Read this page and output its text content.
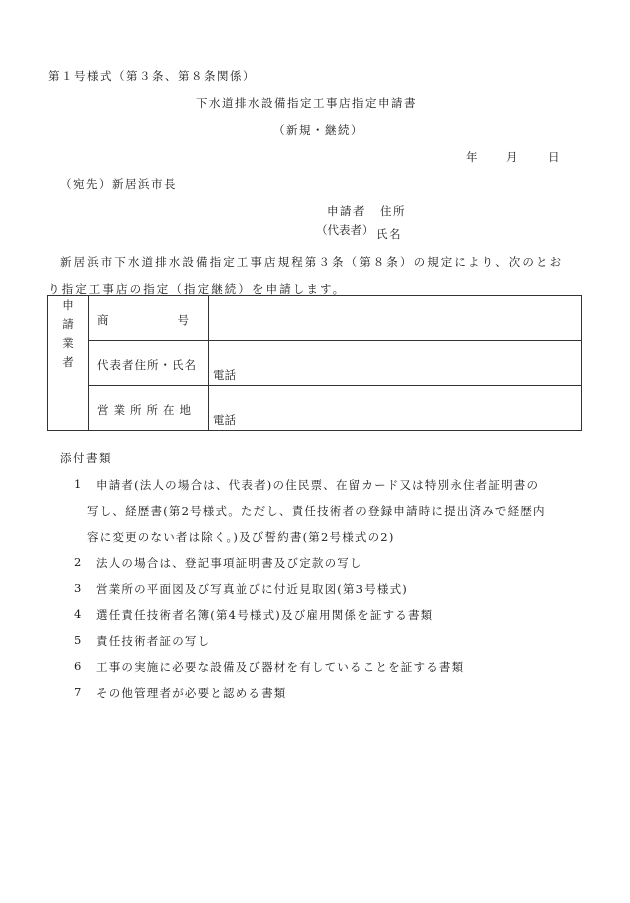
第１号様式（第３条、第８条関係）
下水道排水設備指定工事店指定申請書
（新規・継続）
年 月	日
（宛先）新居浜市長
申請者 住所
（代表者） 氏名
新居浜市下水道排水設備指定工事店規程第３条（第８条）の規定により、次のとお
り指定工事店の指定（指定継続）を申請します。
申
請
業
者	商　　　　　　号	

	代表者住所・氏名	電話

	営業所所在地	電話
添付書類
1 申請者(法人の場合は、代表者)の住民票、在留カード又は特別永住者証明書の
写し、経歴書(第2号様式。ただし、責任技術者の登録申請時に提出済みで経歴内
容に変更のない者は除く。)及び誓約書(第2号様式の2)
2 法人の場合は、登記事項証明書及び定款の写し
3 営業所の平面図及び写真並びに付近見取図(第3号様式)
4 選任責任技術者名簿(第4号様式)及び雇用関係を証する書類
5 責任技術者証の写し
6 工事の実施に必要な設備及び器材を有していることを証する書類
7 その他管理者が必要と認める書類
